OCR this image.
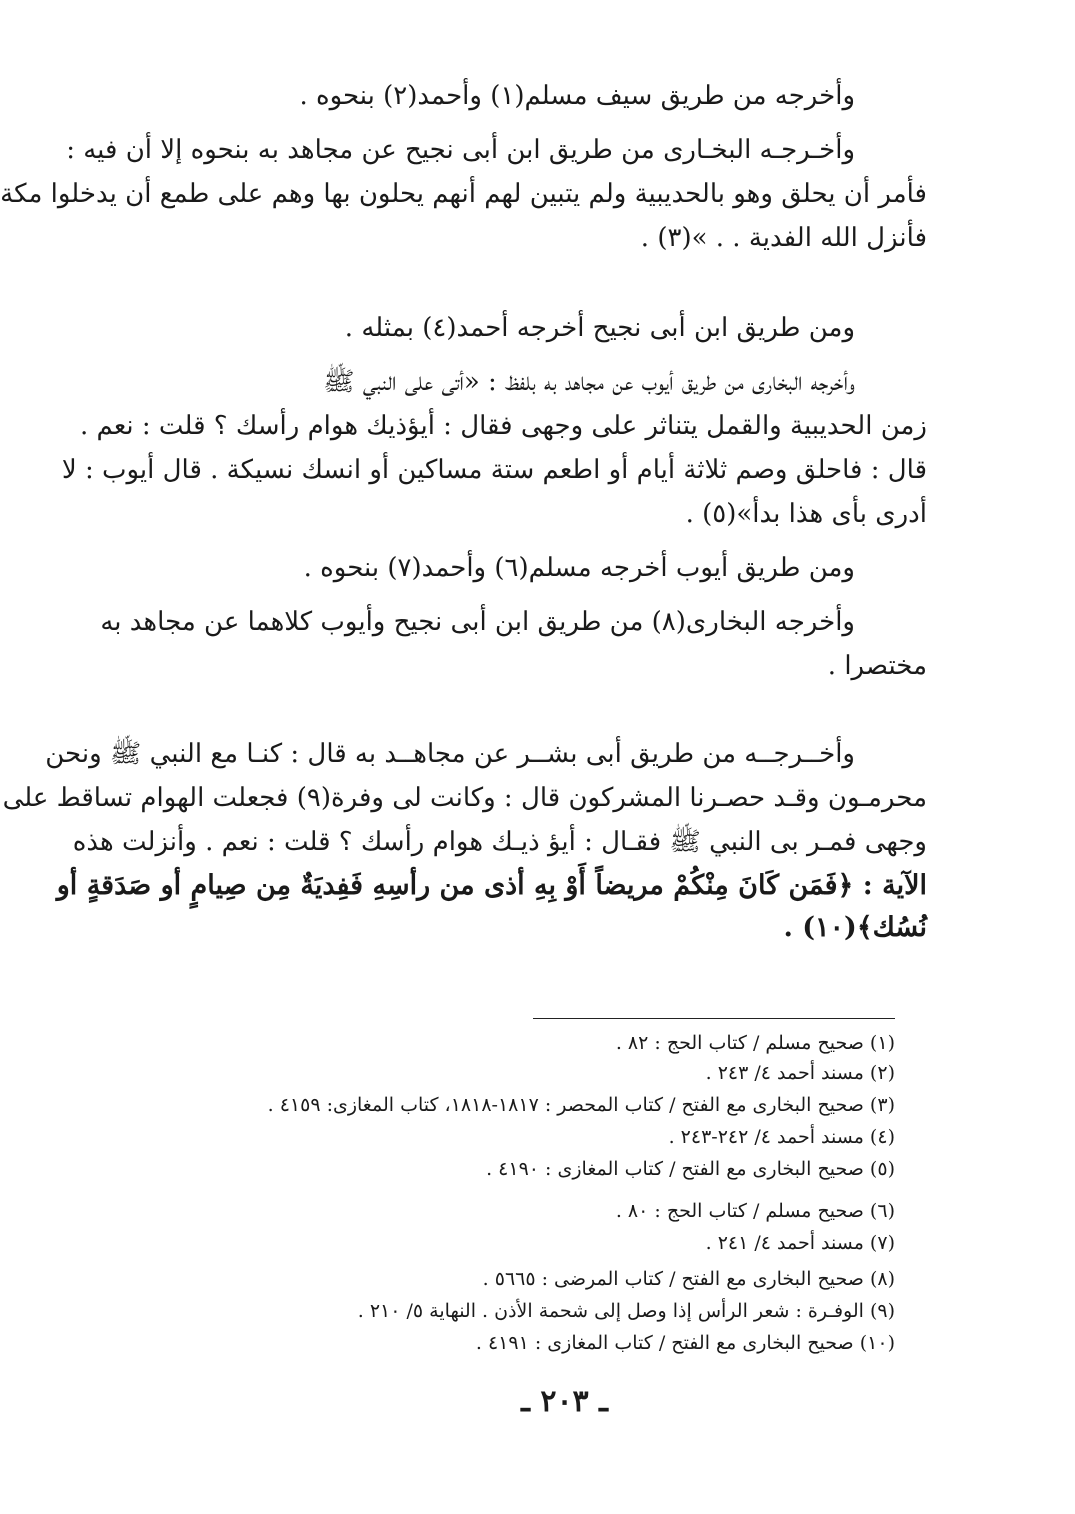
وأخرجه من طريق سيف مسلم(١) وأحمد(٢) بنحوه .
وأخـرجـه البخـارى من طريق ابن أبى نجيح عن مجاهد به بنحوه إلا أن فيه :
فأمر أن يحلق وهو بالحديبية ولم يتبين لهم أنهم يحلون بها وهم على طمع أن يدخلوا مكة
فأنزل الله الفدية . . »(٣) .
ومن طريق ابن أبى نجيح أخرجه أحمد(٤) بمثله .
وأخرجه البخارى من طريق أيوب عن مجاهد به بلفظ : «أتى على النبي ﷺ
زمن الحديبية والقمل يتناثر على وجهى فقال : أيؤذيك هوام رأسك ؟ قلت : نعم .
قال : فاحلق وصم ثلاثة أيام أو اطعم ستة مساكين أو انسك نسيكة . قال أيوب : لا
أدرى بأى هذا بدأ»(٥) .
ومن طريق أيوب أخرجه مسلم(٦) وأحمد(٧) بنحوه .
وأخرجه البخارى(٨) من طريق ابن أبى نجيح وأيوب كلاهما عن مجاهد به
مختصرا .
وأخــرجــه من طريق أبى بشــر عن مجاهــد به قال : كنـا مع النبي ﷺ ونحن
محرمـون وقـد حصـرنا المشركون قال : وكانت لى وفرة(٩) فجعلت الهوام تساقط على
وجهى فمـر بى النبي ﷺ فقـال : أيؤ ذيـك هوام رأسك ؟ قلت : نعم . وأنزلت هذه
الآية : ﴿فَمَن كَانَ مِنْكُمْ مريضاً أَوْ بِهِ أذى من رأسِهِ فَفِديَةٌ مِن صِيامٍ أو صَدَقةٍ أو
نُسُك﴾(١٠) .
(١) صحيح مسلم / كتاب الحج : ٨٢ .
(٢) مسند أحمد ٤/ ٢٤٣ .
(٣) صحيح البخارى مع الفتح / كتاب المحصر : ١٨١٧-١٨١٨، كتاب المغازى: ٤١٥٩ .
(٤) مسند أحمد ٤/ ٢٤٢-٢٤٣ .
(٥) صحيح البخارى مع الفتح / كتاب المغازى : ٤١٩٠ .
(٦) صحيح مسلم / كتاب الحج : ٨٠ .
(٧) مسند أحمد ٤/ ٢٤١ .
(٨) صحيح البخارى مع الفتح / كتاب المرضى : ٥٦٦٥ .
(٩) الوفـرة : شعر الرأس إذا وصل إلى شحمة الأذن . النهاية ٥/ ٢١٠ .
(١٠) صحيح البخارى مع الفتح / كتاب المغازى : ٤١٩١ .
ـ ٢٠٣ ـ
